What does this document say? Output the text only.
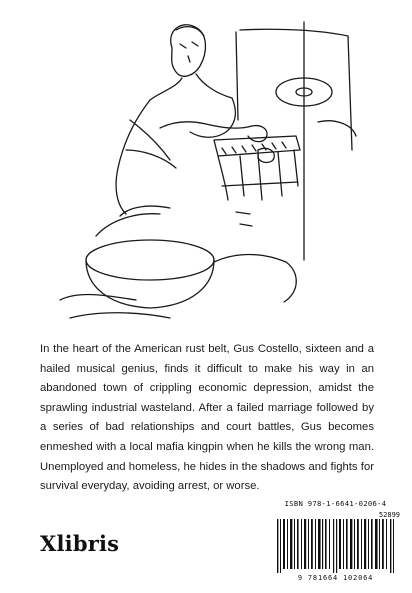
In the heart of the American rust belt, Gus Costello, sixteen and a hailed musical genius, finds it difficult to make his way in an abandoned town of crippling economic depression, amidst the sprawling industrial wasteland. After a failed marriage followed by a series of bad relationships and court battles, Gus becomes enmeshed with a local mafia kingpin when he kills the wrong man. Unemployed and homeless, he hides in the shadows and fights for survival everyday, avoiding arrest, or worse.

Xlibris
ISBN 978-1-6641-0206-4
52899
9 781664 102064
